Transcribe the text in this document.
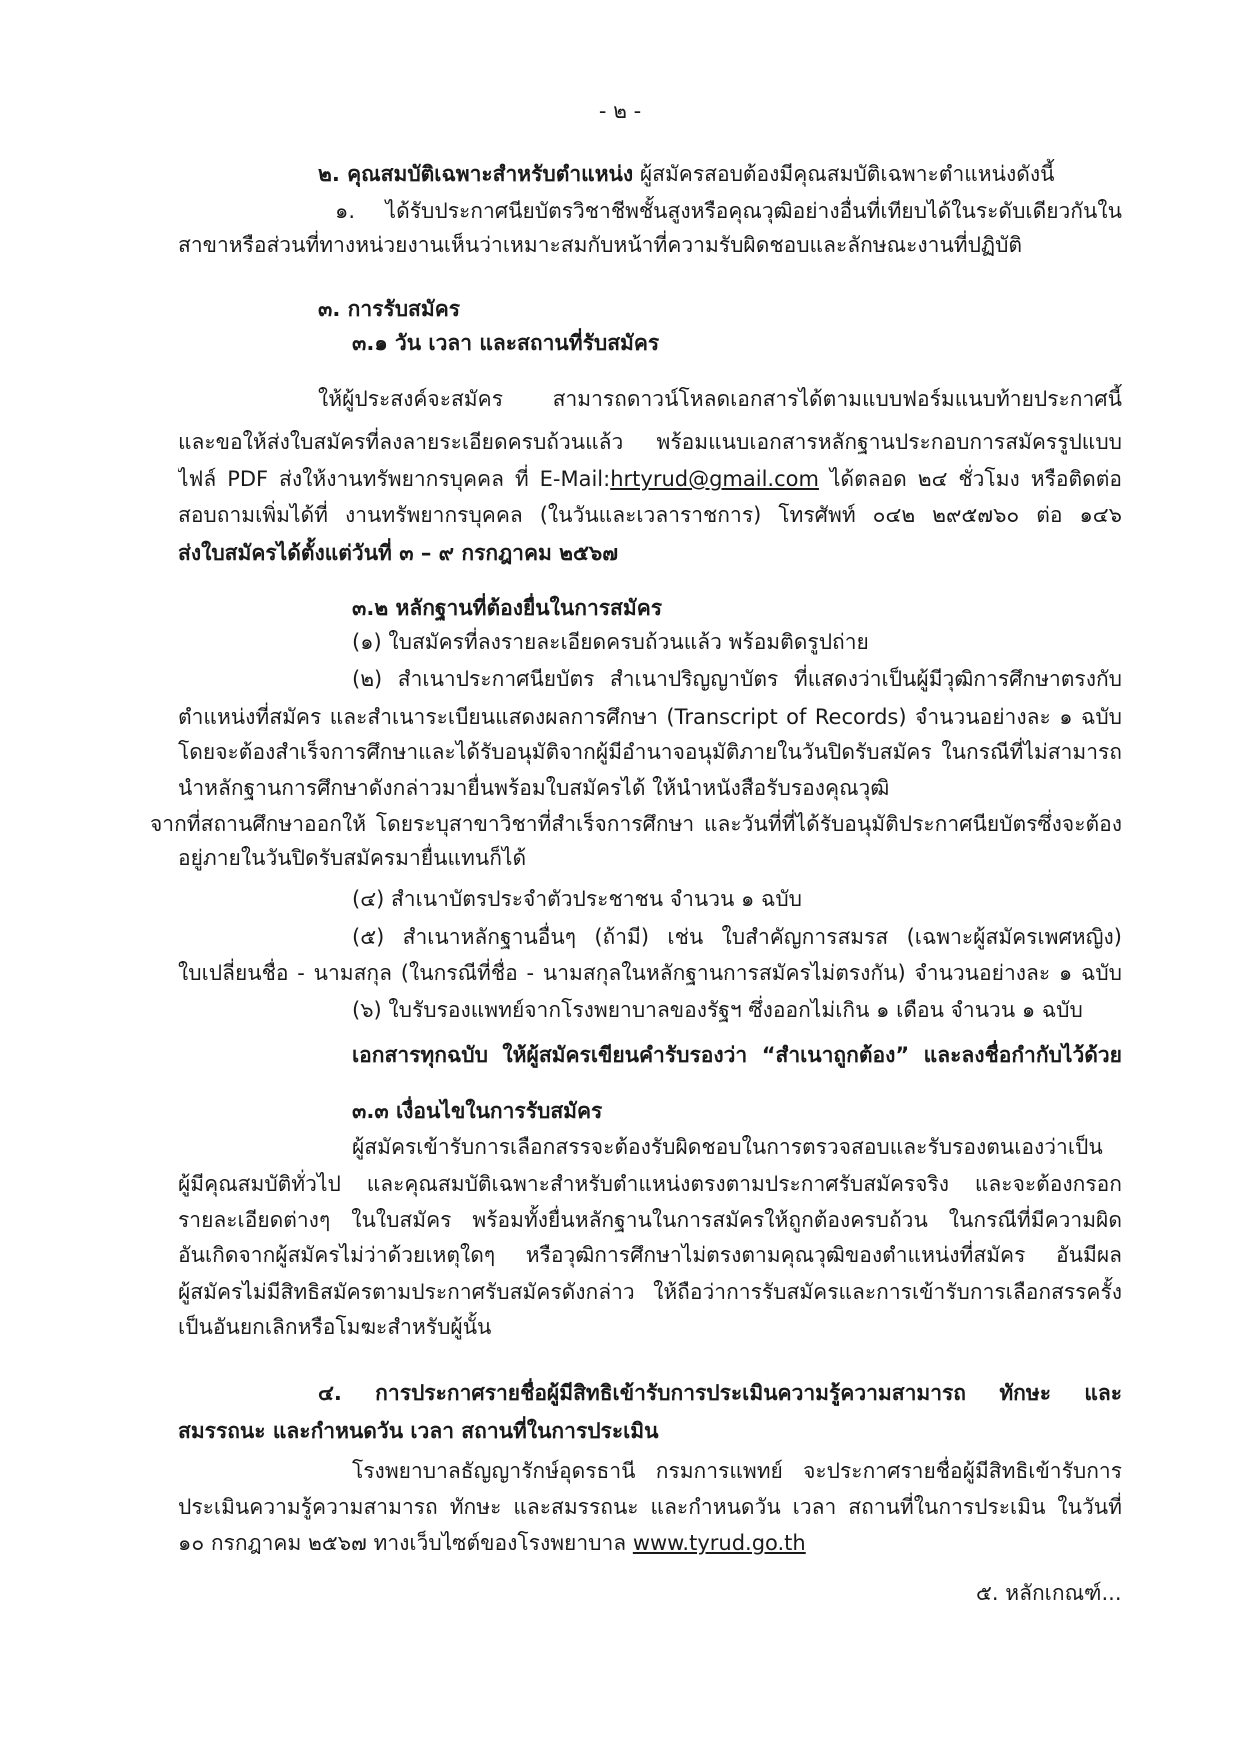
- ๒ -
๒. คุณสมบัติเฉพาะสำหรับตำแหน่ง ผู้สมัครสอบต้องมีคุณสมบัติเฉพาะตำแหน่งดังนี้
๑. ได้รับประกาศนียบัตรวิชาชีพชั้นสูงหรือคุณวุฒิอย่างอื่นที่เทียบได้ในระดับเดียวกันใน
สาขาหรือส่วนที่ทางหน่วยงานเห็นว่าเหมาะสมกับหน้าที่ความรับผิดชอบและลักษณะงานที่ปฏิบัติ
๓. การรับสมัคร
๓.๑ วัน เวลา และสถานที่รับสมัคร
ให้ผู้ประสงค์จะสมัคร สามารถดาวน์โหลดเอกสารได้ตามแบบฟอร์มแนบท้ายประกาศนี้
และขอให้ส่งใบสมัครที่ลงลายระเอียดครบถ้วนแล้ว พร้อมแนบเอกสารหลักฐานประกอบการสมัครรูปแบบ
ไฟล์ PDF ส่งให้งานทรัพยากรบุคคล ที่ E-Mail:hrtyrud@gmail.com ได้ตลอด ๒๔ ชั่วโมง หรือติดต่อ
สอบถามเพิ่มได้ที่ งานทรัพยากรบุคคล (ในวันและเวลาราชการ) โทรศัพท์ ๐๔๒ ๒๙๕๗๖๐ ต่อ ๑๔๖
ส่งใบสมัครได้ตั้งแต่วันที่ ๓ – ๙ กรกฎาคม ๒๕๖๗
๓.๒ หลักฐานที่ต้องยื่นในการสมัคร
(๑) ใบสมัครที่ลงรายละเอียดครบถ้วนแล้ว พร้อมติดรูปถ่าย
(๒) สำเนาประกาศนียบัตร สำเนาปริญญาบัตร ที่แสดงว่าเป็นผู้มีวุฒิการศึกษาตรงกับ
ตำแหน่งที่สมัคร และสำเนาระเบียนแสดงผลการศึกษา (Transcript of Records) จำนวนอย่างละ ๑ ฉบับ
โดยจะต้องสำเร็จการศึกษาและได้รับอนุมัติจากผู้มีอำนาจอนุมัติภายในวันปิดรับสมัคร ในกรณีที่ไม่สามารถ
นำหลักฐานการศึกษาดังกล่าวมายื่นพร้อมใบสมัครได้ ให้นำหนังสือรับรองคุณวุฒิ
จากที่สถานศึกษาออกให้ โดยระบุสาขาวิชาที่สำเร็จการศึกษา และวันที่ที่ได้รับอนุมัติประกาศนียบัตรซึ่งจะต้อง
อยู่ภายในวันปิดรับสมัครมายื่นแทนก็ได้
(๔) สำเนาบัตรประจำตัวประชาชน จำนวน ๑ ฉบับ
(๕) สำเนาหลักฐานอื่นๆ (ถ้ามี) เช่น ใบสำคัญการสมรส (เฉพาะผู้สมัครเพศหญิง)
ใบเปลี่ยนชื่อ - นามสกุล (ในกรณีที่ชื่อ - นามสกุลในหลักฐานการสมัครไม่ตรงกัน) จำนวนอย่างละ ๑ ฉบับ
(๖) ใบรับรองแพทย์จากโรงพยาบาลของรัฐฯ ซึ่งออกไม่เกิน ๑ เดือน จำนวน ๑ ฉบับ
เอกสารทุกฉบับ ให้ผู้สมัครเขียนคำรับรองว่า “สำเนาถูกต้อง” และลงชื่อกำกับไว้ด้วย
๓.๓ เงื่อนไขในการรับสมัคร
ผู้สมัครเข้ารับการเลือกสรรจะต้องรับผิดชอบในการตรวจสอบและรับรองตนเองว่าเป็น
ผู้มีคุณสมบัติทั่วไป และคุณสมบัติเฉพาะสำหรับตำแหน่งตรงตามประกาศรับสมัครจริง และจะต้องกรอก
รายละเอียดต่างๆ ในใบสมัคร พร้อมทั้งยื่นหลักฐานในการสมัครให้ถูกต้องครบถ้วน ในกรณีที่มีความผิด
อันเกิดจากผู้สมัครไม่ว่าด้วยเหตุใดๆ หรือวุฒิการศึกษาไม่ตรงตามคุณวุฒิของตำแหน่งที่สมัคร อันมีผล
ผู้สมัครไม่มีสิทธิสมัครตามประกาศรับสมัครดังกล่าว ให้ถือว่าการรับสมัครและการเข้ารับการเลือกสรรครั้ง
เป็นอันยกเลิกหรือโมฆะสำหรับผู้นั้น
๔. การประกาศรายชื่อผู้มีสิทธิเข้ารับการประเมินความรู้ความสามารถ ทักษะ และ
สมรรถนะ และกำหนดวัน เวลา สถานที่ในการประเมิน
โรงพยาบาลธัญญารักษ์อุดรธานี กรมการแพทย์ จะประกาศรายชื่อผู้มีสิทธิเข้ารับการ
ประเมินความรู้ความสามารถ ทักษะ และสมรรถนะ และกำหนดวัน เวลา สถานที่ในการประเมิน ในวันที่
๑๐ กรกฎาคม ๒๕๖๗ ทางเว็บไซต์ของโรงพยาบาล www.tyrud.go.th
๕. หลักเกณฑ์...
